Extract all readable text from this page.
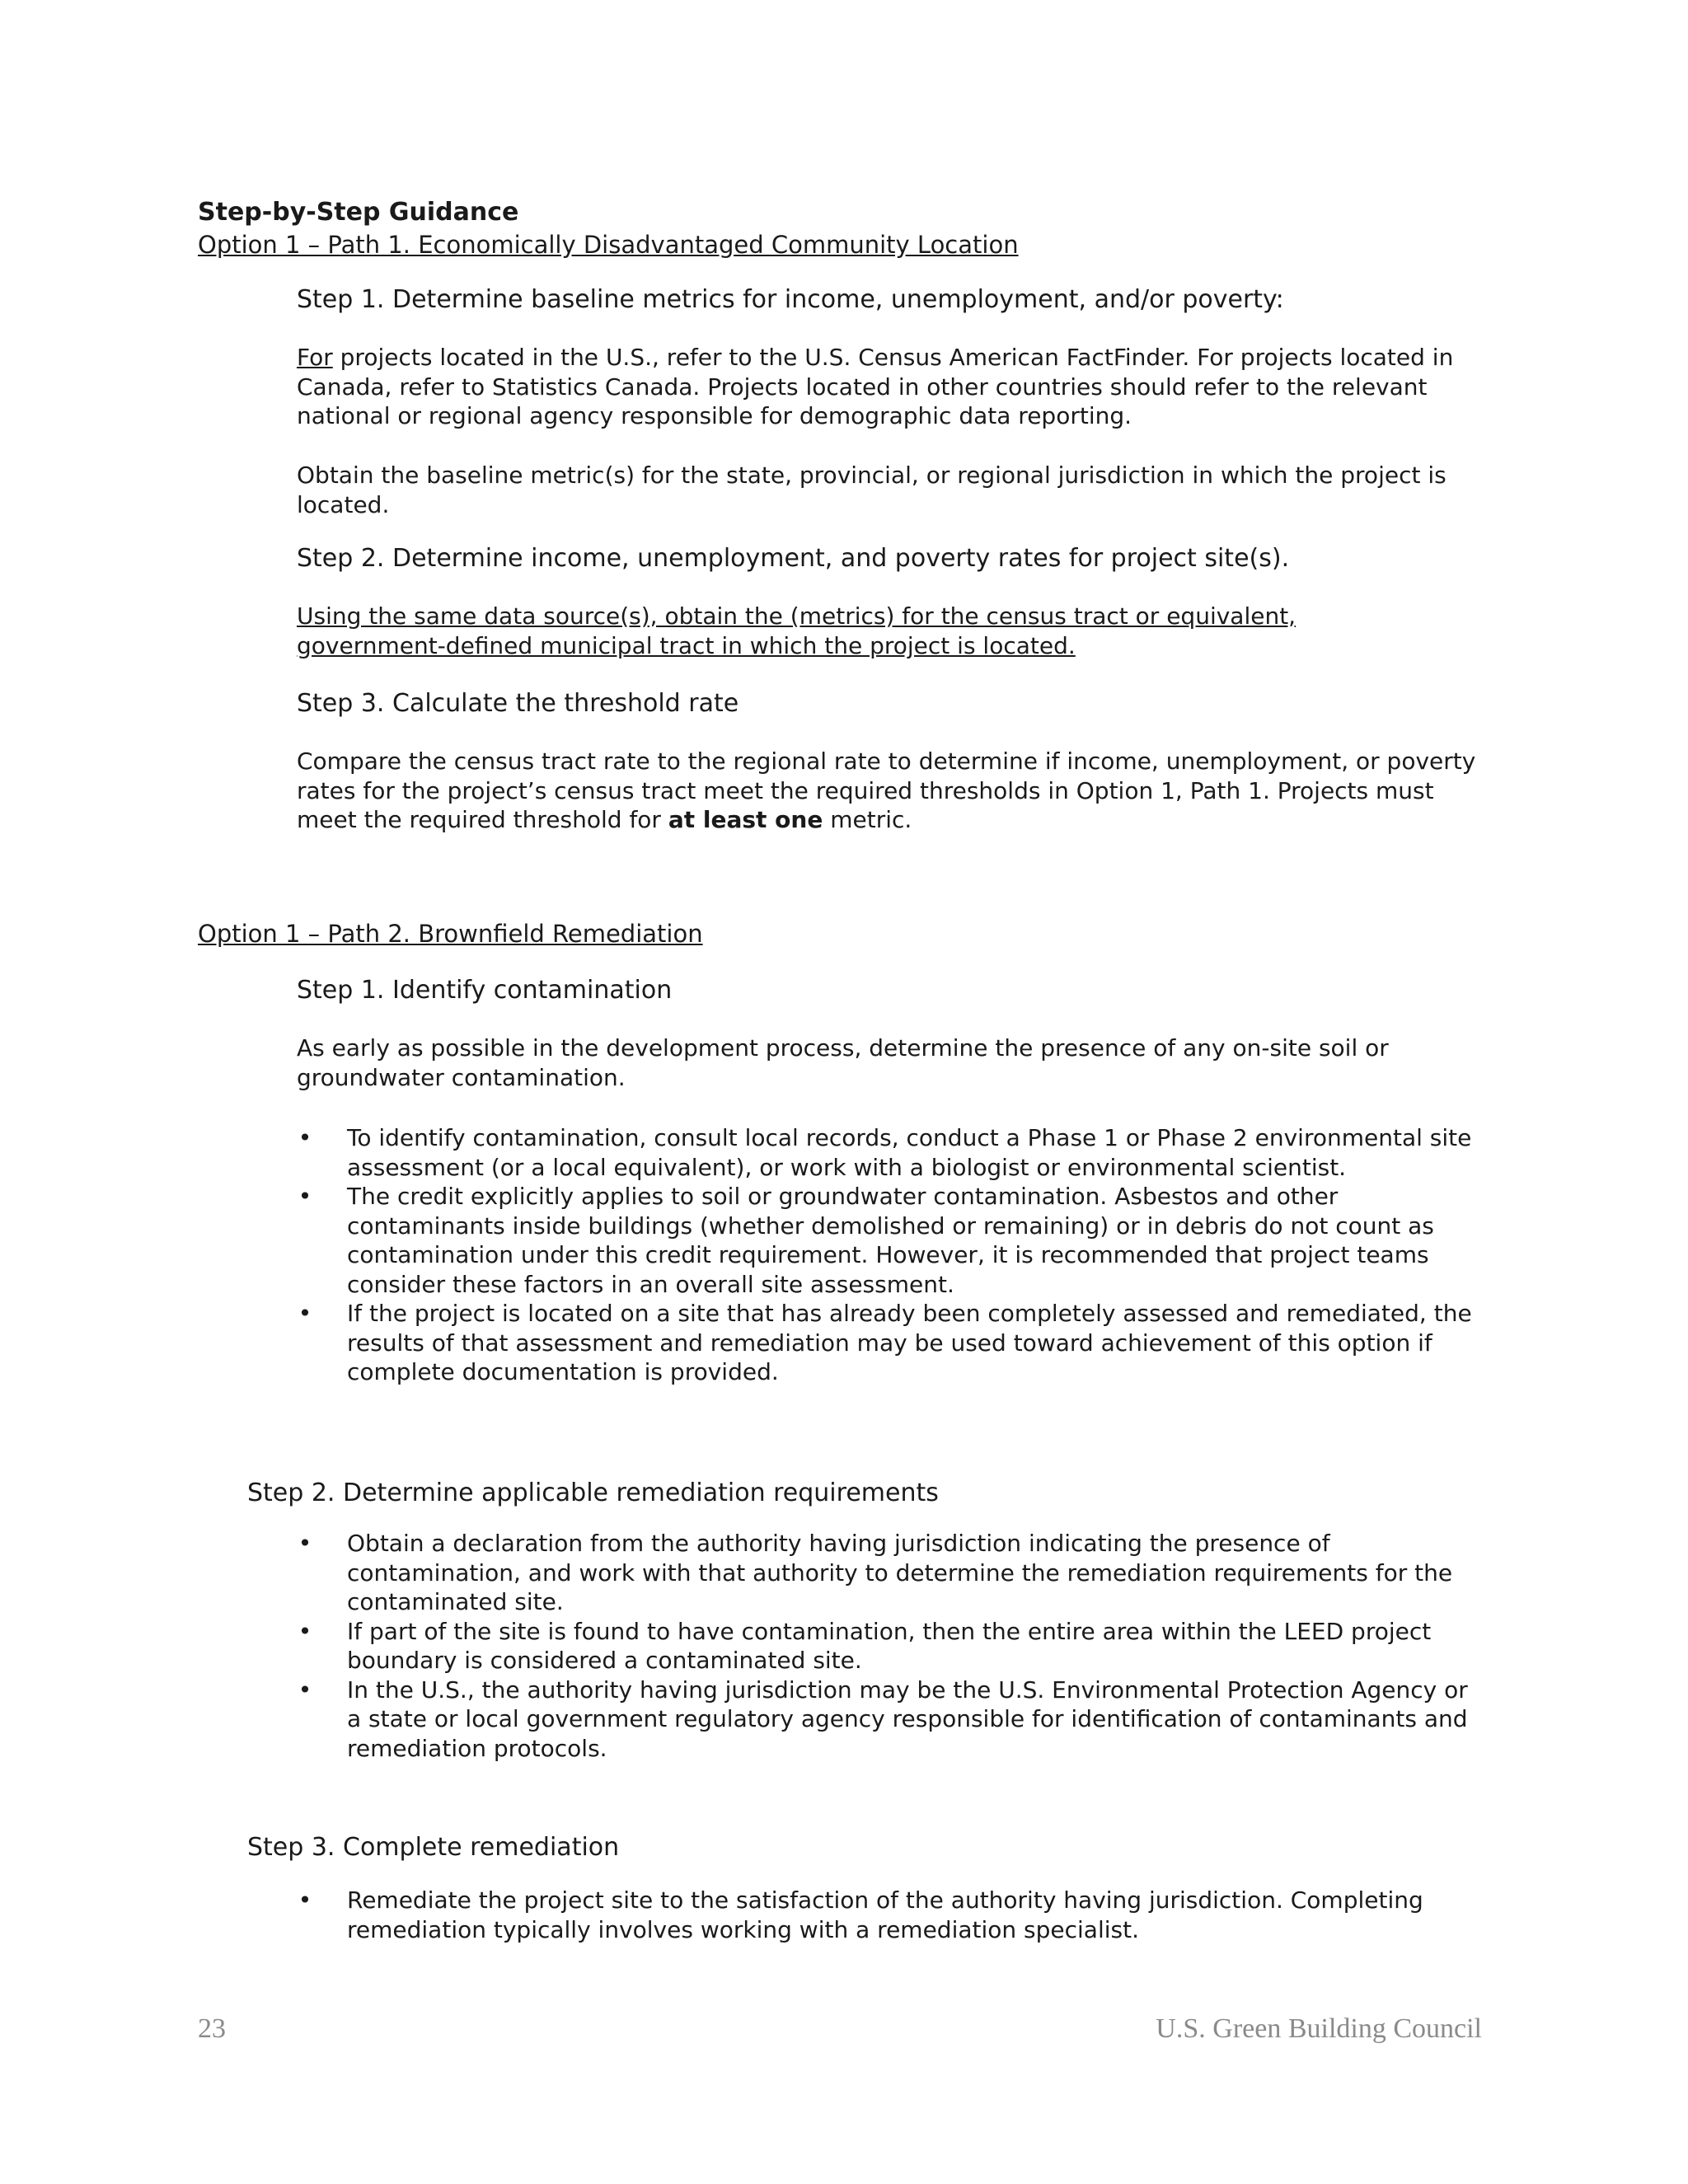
Step-by-Step Guidance
Option 1 – Path 1. Economically Disadvantaged Community Location
Step 1. Determine baseline metrics for income, unemployment, and/or poverty:
For projects located in the U.S., refer to the U.S. Census American FactFinder. For projects located in Canada, refer to Statistics Canada. Projects located in other countries should refer to the relevant national or regional agency responsible for demographic data reporting.
Obtain the baseline metric(s) for the state, provincial, or regional jurisdiction in which the project is located.
Step 2. Determine income, unemployment, and poverty rates for project site(s).
Using the same data source(s), obtain the (metrics) for the census tract or equivalent, government-defined municipal tract in which the project is located.
Step 3. Calculate the threshold rate
Compare the census tract rate to the regional rate to determine if income, unemployment, or poverty rates for the project’s census tract meet the required thresholds in Option 1, Path 1. Projects must meet the required threshold for at least one metric.
Option 1 – Path 2. Brownfield Remediation
Step 1. Identify contamination
As early as possible in the development process, determine the presence of any on-site soil or groundwater contamination.
• To identify contamination, consult local records, conduct a Phase 1 or Phase 2 environmental site assessment (or a local equivalent), or work with a biologist or environmental scientist.
• The credit explicitly applies to soil or groundwater contamination. Asbestos and other contaminants inside buildings (whether demolished or remaining) or in debris do not count as contamination under this credit requirement. However, it is recommended that project teams consider these factors in an overall site assessment.
• If the project is located on a site that has already been completely assessed and remediated, the results of that assessment and remediation may be used toward achievement of this option if complete documentation is provided.
Step 2. Determine applicable remediation requirements
• Obtain a declaration from the authority having jurisdiction indicating the presence of contamination, and work with that authority to determine the remediation requirements for the contaminated site.
• If part of the site is found to have contamination, then the entire area within the LEED project boundary is considered a contaminated site.
• In the U.S., the authority having jurisdiction may be the U.S. Environmental Protection Agency or a state or local government regulatory agency responsible for identification of contaminants and remediation protocols.
Step 3. Complete remediation
• Remediate the project site to the satisfaction of the authority having jurisdiction. Completing remediation typically involves working with a remediation specialist.
23	U.S. Green Building Council
